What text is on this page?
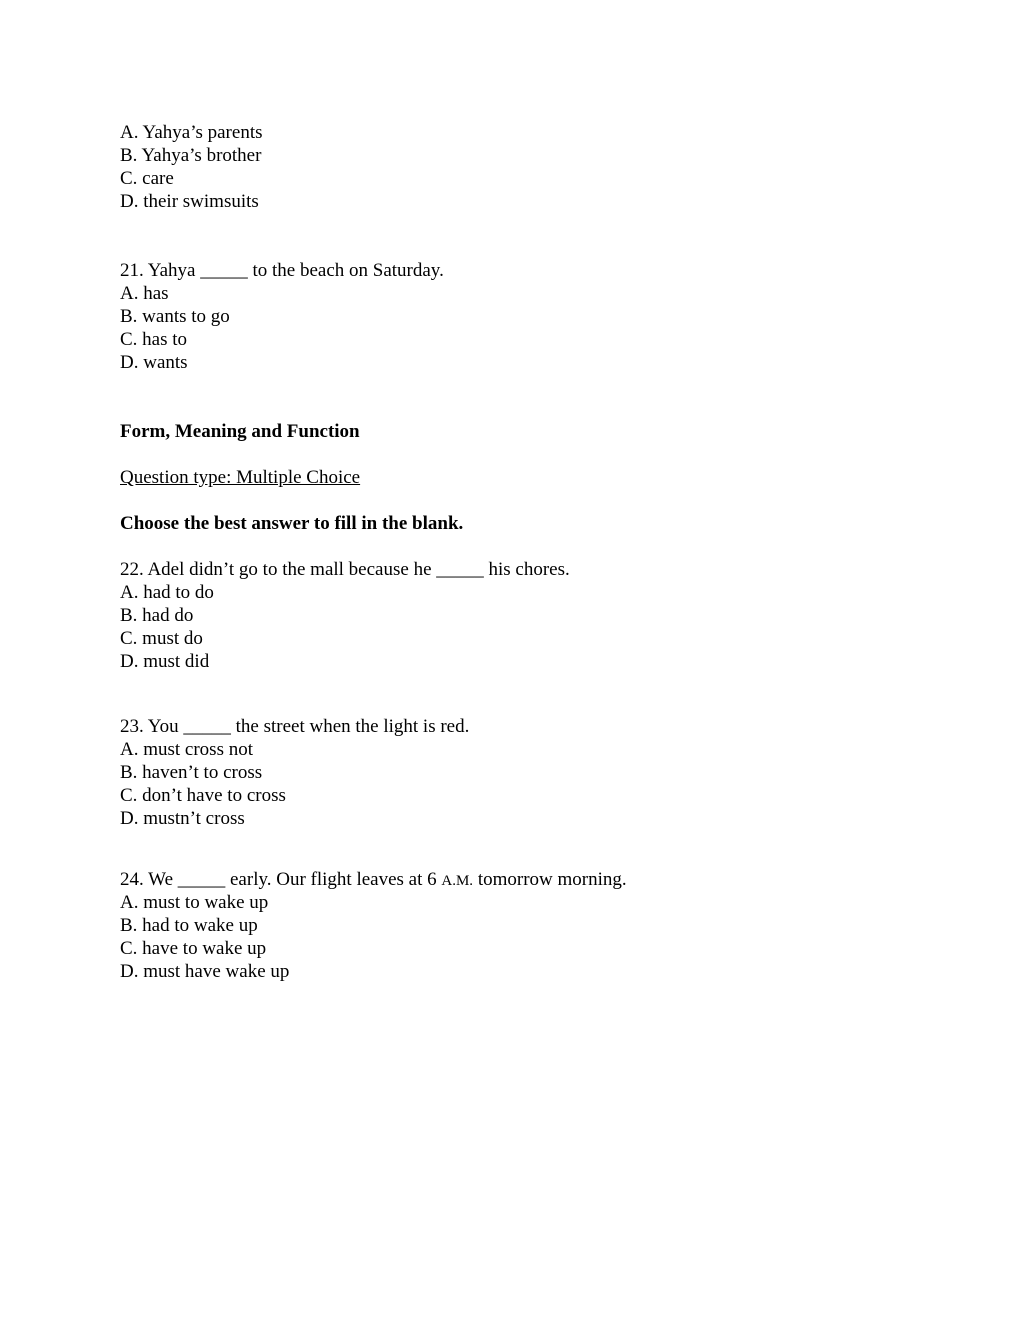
A. Yahya’s parents
B. Yahya’s brother
C. care
D. their swimsuits
21. Yahya _____ to the beach on Saturday.
A. has
B. wants to go
C. has to
D. wants
Form, Meaning and Function
Question type: Multiple Choice
Choose the best answer to fill in the blank.
22. Adel didn’t go to the mall because he _____ his chores.
A. had to do
B. had do
C. must do
D. must did
23. You _____ the street when the light is red.
A. must cross not
B. haven’t to cross
C. don’t have to cross
D. mustn’t cross
24. We _____ early. Our flight leaves at 6 A.M. tomorrow morning.
A. must to wake up
B. had to wake up
C. have to wake up
D. must have wake up
